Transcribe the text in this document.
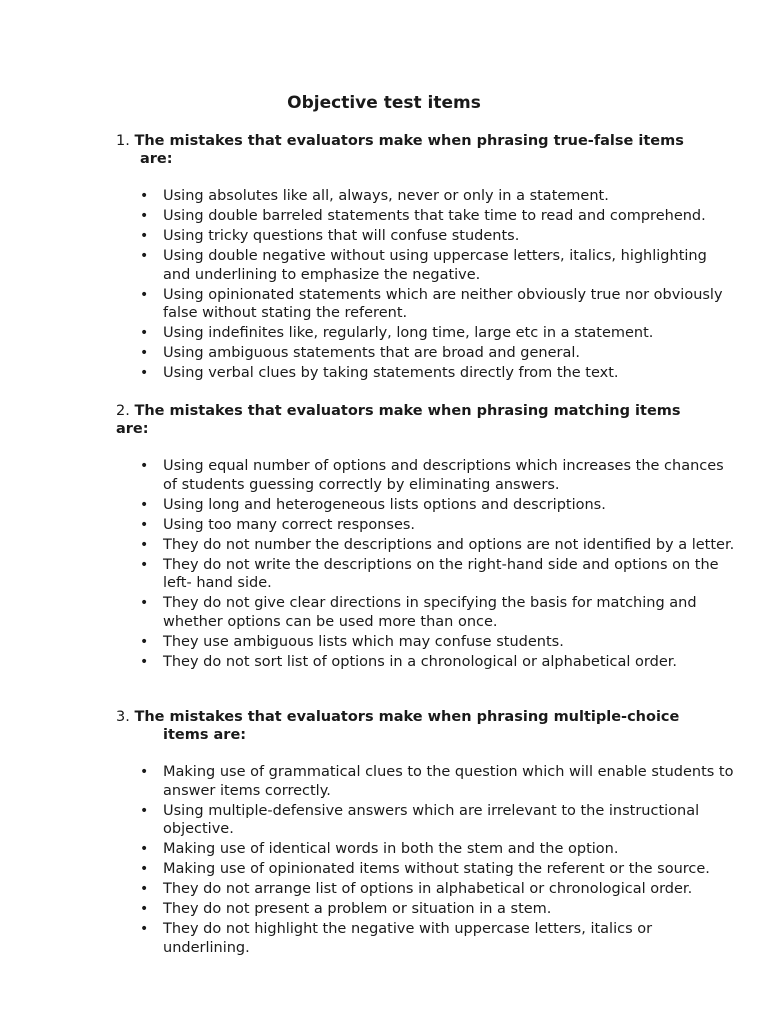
Objective test items

1. The mistakes that evaluators make when phrasing true-false items
are:

• Using absolutes like all, always, never or only in a statement.
• Using double barreled statements that take time to read and comprehend.
• Using tricky questions that will confuse students.
• Using double negative without using uppercase letters, italics, highlighting and underlining to emphasize the negative.
• Using opinionated statements which are neither obviously true nor obviously false without stating the referent.
• Using indefinites like, regularly, long time, large etc in a statement.
• Using ambiguous statements that are broad and general.
• Using verbal clues by taking statements directly from the text.

2. The mistakes that evaluators make when phrasing matching items
are:

• Using equal number of options and descriptions which increases the chances of students guessing correctly by eliminating answers.
• Using long and heterogeneous lists options and descriptions.
• Using too many correct responses.
• They do not number the descriptions and options are not identified by a letter.
• They do not write the descriptions on the right-hand side and options on the left- hand side.
• They do not give clear directions in specifying the basis for matching and whether options can be used more than once.
• They use ambiguous lists which may confuse students.
• They do not sort list of options in a chronological or alphabetical order.

3. The mistakes that evaluators make when phrasing multiple-choice
items are:

• Making use of grammatical clues to the question which will enable students to answer items correctly.
• Using multiple-defensive answers which are irrelevant to the instructional objective.
• Making use of identical words in both the stem and the option.
• Making use of opinionated items without stating the referent or the source.
• They do not arrange list of options in alphabetical or chronological order.
• They do not present a problem or situation in a stem.
• They do not highlight the negative with uppercase letters, italics or underlining.
